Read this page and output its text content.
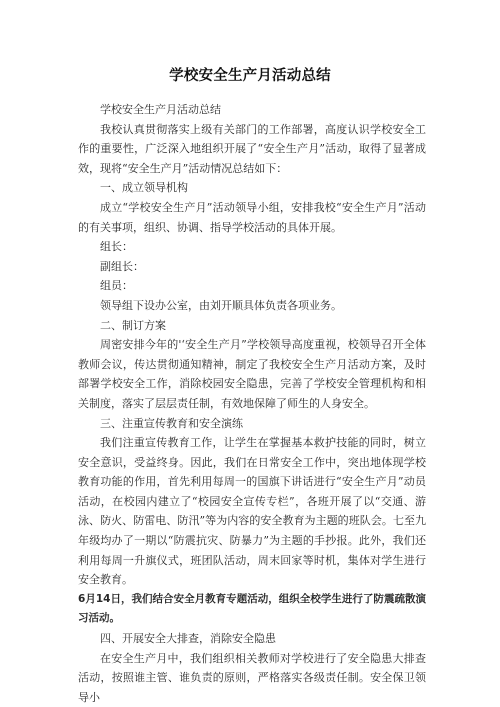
学校安全生产月活动总结

学校安全生产月活动总结

我校认真贯彻落实上级有关部门的工作部署，高度认识学校安全工作的重要性，广泛深入地组织开展了“安全生产月”活动，取得了显著成效，现将“安全生产月”活动情况总结如下：

一、成立领导机构

成立“学校安全生产月”活动领导小组，安排我校“安全生产月”活动的有关事项，组织、协调、指导学校活动的具体开展。

组长：

副组长：

组员：

领导组下设办公室，由刘开顺具体负责各项业务。

二、制订方案

周密安排今年的'‘安全生产月”学校领导高度重视，校领导召开全体教师会议，传达贯彻通知精神，制定了我校安全生产月活动方案，及时部署学校安全工作，消除校园安全隐患，完善了学校安全管理机构和相关制度，落实了层层责任制，有效地保障了师生的人身安全。

三、注重宣传教育和安全演练

我们注重宣传教育工作，让学生在掌握基本救护技能的同时，树立安全意识，受益终身。因此，我们在日常安全工作中，突出地体现学校教育功能的作用，首先利用每周一的国旗下讲话进行“安全生产月”动员活动，在校园内建立了“校园安全宣传专栏”，各班开展了以“交通、游泳、防火、防雷电、防汛”等为内容的安全教育为主题的班队会。七至九年级均办了一期以“防震抗灾、防暴力”为主题的手抄报。此外，我们还利用每周一升旗仪式，班团队活动，周末回家等时机，集体对学生进行安全教育。

6月14日，我们结合安全月教育专题活动，组织全校学生进行了防震疏散演习活动。

四、开展安全大排查，消除安全隐患

在安全生产月中，我们组织相关教师对学校进行了安全隐患大排查活动，按照谁主管、谁负责的原则，严格落实各级责任制。安全保卫领导小
